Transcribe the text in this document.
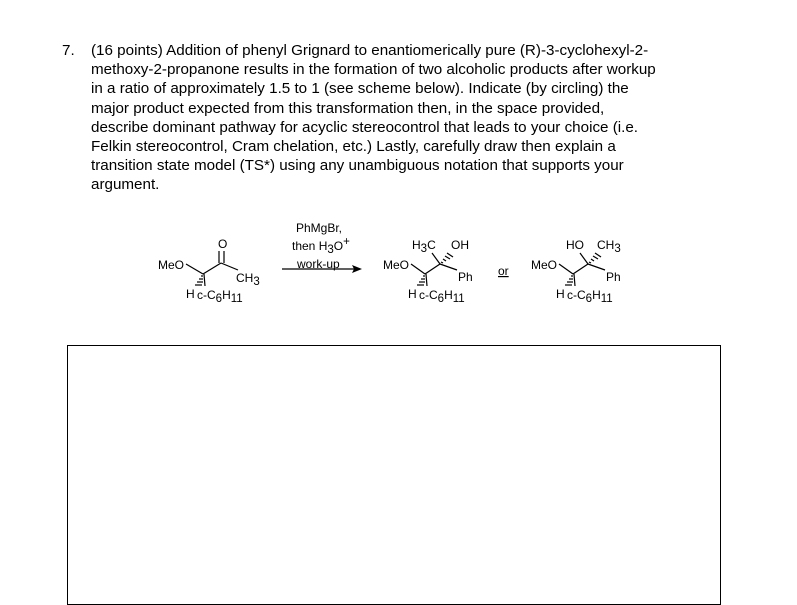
7. (16 points) Addition of phenyl Grignard to enantiomerically pure (R)-3-cyclohexyl-2-
methoxy-2-propanone results in the formation of two alcoholic products after workup
in a ratio of approximately 1.5 to 1 (see scheme below). Indicate (by circling) the
major product expected from this transformation then, in the space provided,
describe dominant pathway for acyclic stereocontrol that leads to your choice (i.e.
Felkin stereocontrol, Cram chelation, etc.) Lastly, carefully draw then explain a
transition state model (TS*) using any unambiguous notation that supports your
argument.
O
MeO
CH3
H c-C6H11
PhMgBr,
then H3O+
work-up
H3C OH
MeO
Ph
H c-C6H11
or
HO CH3
MeO
Ph
H c-C6H11
